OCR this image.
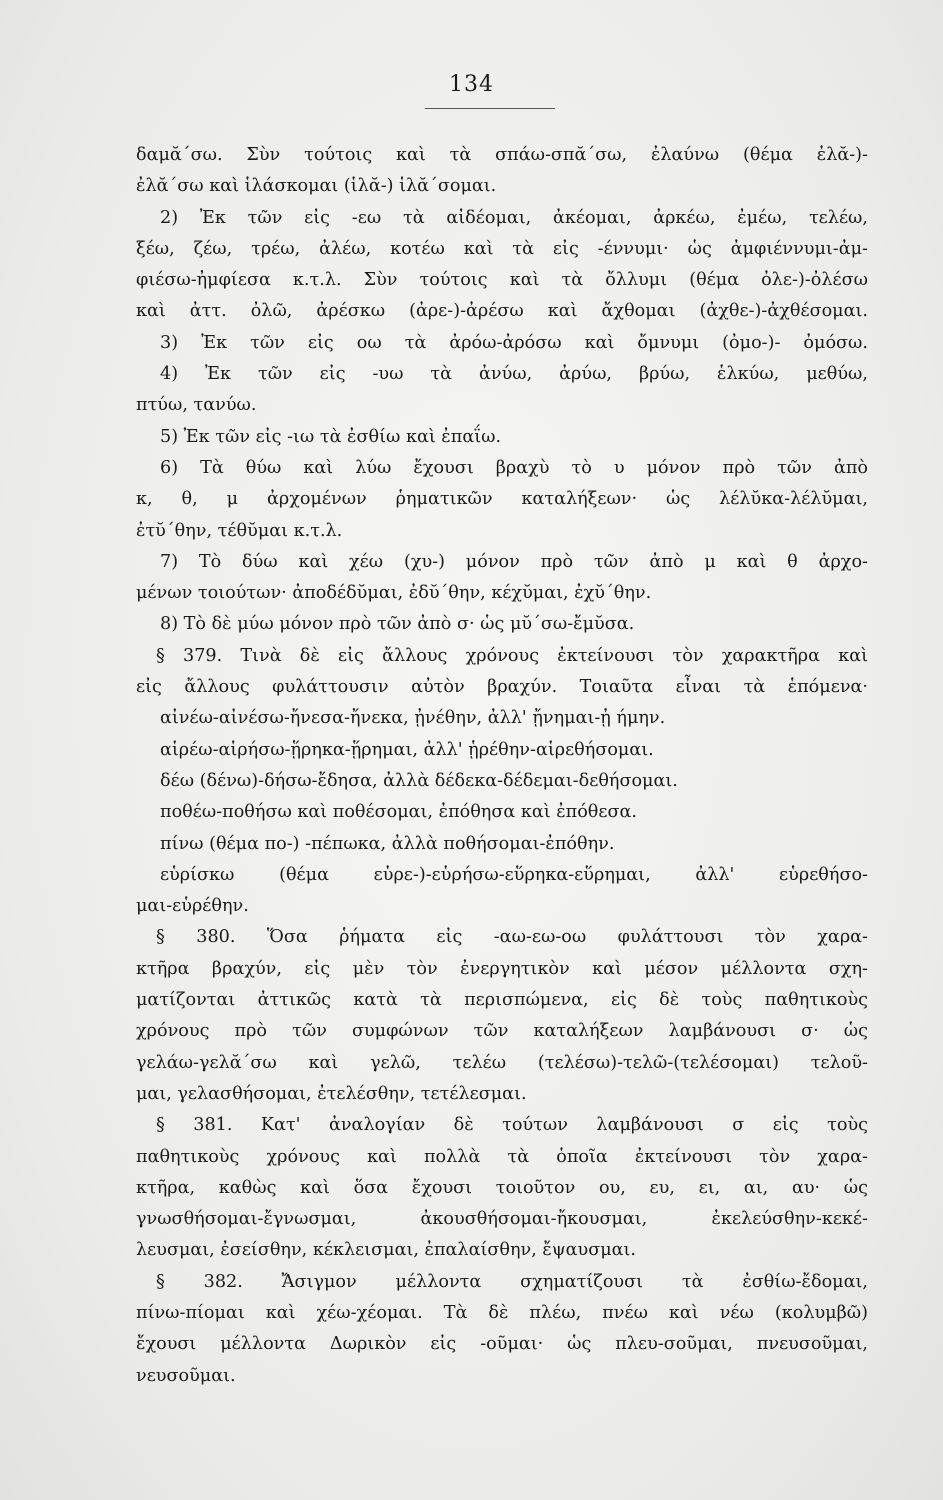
134
δαμᾰ΄σω. Σὺν τούτοις καὶ τὰ σπάω-σπᾰ΄σω, ἐλαύνω (θέμα ἐλᾰ-)-
ἐλᾰ΄σω καὶ ἱλάσκομαι (ἱλᾰ-) ἱλᾰ΄σομαι.
2) Ἐκ τῶν εἰς -εω τὰ αἰδέομαι, ἀκέομαι, ἀρκέω, ἐμέω, τελέω,
ξέω, ζέω, τρέω, ἀλέω, κοτέω καὶ τὰ εἰς -έννυμι· ὡς ἀμφιέννυμι-ἀμ-
φιέσω-ἠμφίεσα κ.τ.λ. Σὺν τούτοις καὶ τὰ ὄλλυμι (θέμα ὀλε-)-ὀλέσω
καὶ ἀττ. ὀλῶ, ἀρέσκω (ἀρε-)-ἀρέσω καὶ ἄχθομαι (ἀχθε-)-ἀχθέσομαι.
3) Ἐκ τῶν εἰς οω τὰ ἀρόω-ἀρόσω καὶ ὄμνυμι (ὀμο-)- ὀμόσω.
4) Ἐκ τῶν εἰς -υω τὰ ἀνύω, ἀρύω, βρύω, ἑλκύω, μεθύω,
πτύω, τανύω.
5) Ἐκ τῶν εἰς -ιω τὰ ἐσθίω καὶ ἐπαΐω.
6) Τὰ θύω καὶ λύω ἔχουσι βραχὺ τὸ υ μόνον πρὸ τῶν ἀπὸ
κ, θ, μ ἀρχομένων ῥηματικῶν καταλήξεων· ὡς λέλῠκα-λέλῠμαι,
ἐτῠ΄θην, τέθῠμαι κ.τ.λ.
7) Τὸ δύω καὶ χέω (χυ-) μόνον πρὸ τῶν ἀπὸ μ καὶ θ ἀρχο-
μένων τοιούτων· ἀποδέδῠμαι, ἐδῠ΄θην, κέχῠμαι, ἐχῠ΄θην.
8) Τὸ δὲ μύω μόνον πρὸ τῶν ἀπὸ σ· ὡς μῠ΄σω-ἔμῠσα.
§ 379. Τινὰ δὲ εἰς ἄλλους χρόνους ἐκτείνουσι τὸν χαρακτῆρα καὶ
εἰς ἄλλους φυλάττουσιν αὐτὸν βραχύν. Τοιαῦτα εἶναι τὰ ἑπόμενα·
αἰνέω-αἰνέσω-ἤνεσα-ἤνεκα, ᾐνέθην, ἀλλ' ᾔνημαι-ᾐ ήμην.
αἱρέω-αἱρήσω-ᾕρηκα-ᾕρημαι, ἀλλ' ᾑρέθην-αἱρεθήσομαι.
δέω (δένω)-δήσω-ἔδησα, ἀλλὰ δέδεκα-δέδεμαι-δεθήσομαι.
ποθέω-ποθήσω καὶ ποθέσομαι, ἐπόθησα καὶ ἐπόθεσα.
πίνω (θέμα πο-) -πέπωκα, ἀλλὰ ποθήσομαι-ἐπόθην.
εὑρίσκω (θέμα εὑρε-)-εὑρήσω-εὕρηκα-εὕρημαι, ἀλλ' εὑρεθήσο-
μαι-εὑρέθην.
§ 380. Ὅσα ῥήματα εἰς -αω-εω-οω φυλάττουσι τὸν χαρα-
κτῆρα βραχύν, εἰς μὲν τὸν ἐνεργητικὸν καὶ μέσον μέλλοντα σχη-
ματίζονται ἀττικῶς κατὰ τὰ περισπώμενα, εἰς δὲ τοὺς παθητικοὺς
χρόνους πρὸ τῶν συμφώνων τῶν καταλήξεων λαμβάνουσι σ· ὡς
γελάω-γελᾰ΄σω καὶ γελῶ, τελέω (τελέσω)-τελῶ-(τελέσομαι) τελοῦ-
μαι, γελασθήσομαι, ἐτελέσθην, τετέλεσμαι.
§ 381. Κατ' ἀναλογίαν δὲ τούτων λαμβάνουσι σ εἰς τοὺς
παθητικοὺς χρόνους καὶ πολλὰ τὰ ὁποῖα ἐκτείνουσι τὸν χαρα-
κτῆρα, καθὼς καὶ ὅσα ἔχουσι τοιοῦτον ου, ευ, ει, αι, αυ· ὡς
γνωσθήσομαι-ἔγνωσμαι, ἀκουσθήσομαι-ἤκουσμαι, ἐκελεύσθην-κεκέ-
λευσμαι, ἐσείσθην, κέκλεισμαι, ἐπαλαίσθην, ἔψαυσμαι.
§ 382. Ἄσιγμον μέλλοντα σχηματίζουσι τὰ ἐσθίω-ἔδομαι,
πίνω-πίομαι καὶ χέω-χέομαι. Τὰ δὲ πλέω, πνέω καὶ νέω (κολυμβῶ)
ἔχουσι μέλλοντα Δωρικὸν εἰς -οῦμαι· ὡς πλευ-σοῦμαι, πνευσοῦμαι,
νευσοῦμαι.
